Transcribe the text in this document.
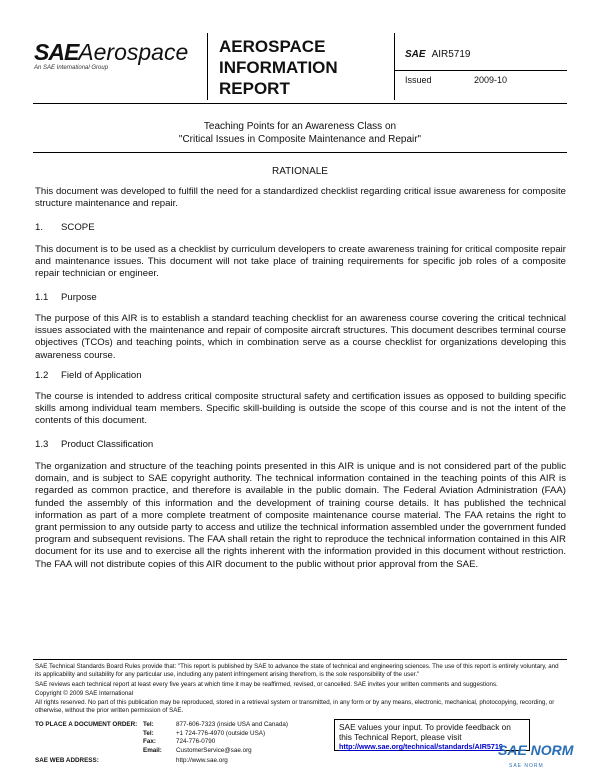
SAEAerospace
An SAE International Group
AEROSPACE
INFORMATION
REPORT
SAE AIR5719
Issued	2009-10
Teaching Points for an Awareness Class on
"Critical Issues in Composite Maintenance and Repair"
RATIONALE

This document was developed to fulfill the need for a standardized checklist regarding critical issue awareness for composite structure maintenance and repair.

1. SCOPE

This document is to be used as a checklist by curriculum developers to create awareness training for critical composite repair and maintenance issues. This document will not take place of training requirements for specific job roles of a composite repair technician or engineer.

1.1 Purpose

The purpose of this AIR is to establish a standard teaching checklist for an awareness course covering the critical technical issues associated with the maintenance and repair of composite aircraft structures. This document describes terminal course objectives (TCOs) and teaching points, which in combination serve as a course checklist for organizations developing this awareness course.

1.2 Field of Application

The course is intended to address critical composite structural safety and certification issues as opposed to building specific skills among individual team members. Specific skill-building is outside the scope of this course and is not the intent of the contents of this document.

1.3 Product Classification

The organization and structure of the teaching points presented in this AIR is unique and is not considered part of the public domain, and is subject to SAE copyright authority. The technical information contained in the teaching points of this AIR is regarded as common practice, and therefore is available in the public domain. The Federal Aviation Administration (FAA) funded the assembly of this information and the development of training course details. It has published the technical information as part of a more complete treatment of composite maintenance course material. The FAA retains the right to grant permission to any outside party to access and utilize the technical information assembled under the government funded program and subsequent revisions. The FAA shall retain the right to reproduce the technical information contained in this AIR document for its use and to exercise all the rights inherent with the information provided in this document without restriction. The FAA will not distribute copies of this AIR document to the public without prior approval from the SAE.

SAE Technical Standards Board Rules provide that: "This report is published by SAE to advance the state of technical and engineering sciences. The use of this report is entirely voluntary, and its applicability and suitability for any particular use, including any patent infringement arising therefrom, is the sole responsibility of the user."

SAE reviews each technical report at least every five years at which time it may be reaffirmed, revised, or cancelled. SAE invites your written comments and suggestions.

Copyright © 2009 SAE International

All rights reserved. No part of this publication may be reproduced, stored in a retrieval system or transmitted, in any form or by any means, electronic, mechanical, photocopying, recording, or otherwise, without the prior written permission of SAE.

TO PLACE A DOCUMENT ORDER: Tel:	877-606-7323 (inside USA and Canada)
Tel:	+1 724-776-4970 (outside USA)
Fax:	724-776-0790
Email:	CustomerService@sae.org
SAE WEB ADDRESS:	http://www.sae.org
SAE values your input. To provide feedback on this Technical Report, please visit
http://www.sae.org/technical/standards/AIR5719
SAE NORM
SAE NORM
